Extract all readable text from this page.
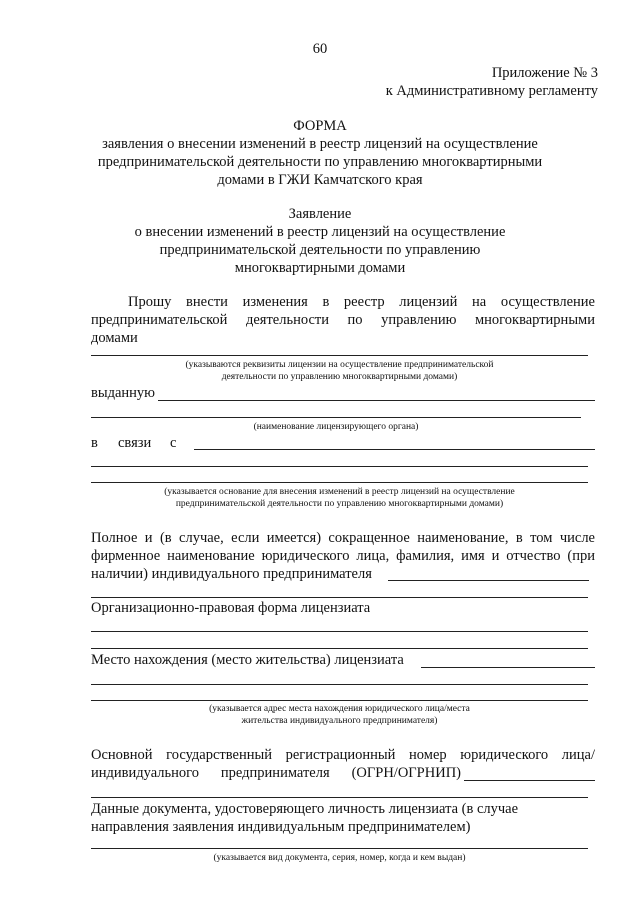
60
Приложение № 3
к Административному регламенту
ФОРМА
заявления о внесении изменений в реестр лицензий на осуществление
предпринимательской деятельности по управлению многоквартирными
домами в ГЖИ Камчатского края
Заявление
о внесении изменений в реестр лицензий на осуществление
предпринимательской деятельности по управлению
многоквартирными домами
Прошу внести изменения в реестр лицензий на осуществление
предпринимательской деятельности по управлению многоквартирными
домами
(указываются реквизиты лицензии на осуществление предпринимательской
деятельности по управлению многоквартирными домами)
выданную
(наименование лицензирующего органа)
в связи с
(указывается основание для внесения изменений в реестр лицензий на осуществление
предпринимательской деятельности по управлению многоквартирными домами)
Полное и (в случае, если имеется) сокращенное наименование, в том числе
фирменное наименование юридического лица, фамилия, имя и отчество (при
наличии) индивидуального предпринимателя
Организационно-правовая форма лицензиата
Место нахождения (место жительства) лицензиата
(указывается адрес места нахождения юридического лица/места
жительства индивидуального предпринимателя)
Основной государственный регистрационный номер юридического лица/
индивидуального предпринимателя (ОГРН/ОГРНИП)
Данные документа, удостоверяющего личность лицензиата (в случае
направления заявления индивидуальным предпринимателем)
(указывается вид документа, серия, номер, когда и кем выдан)
